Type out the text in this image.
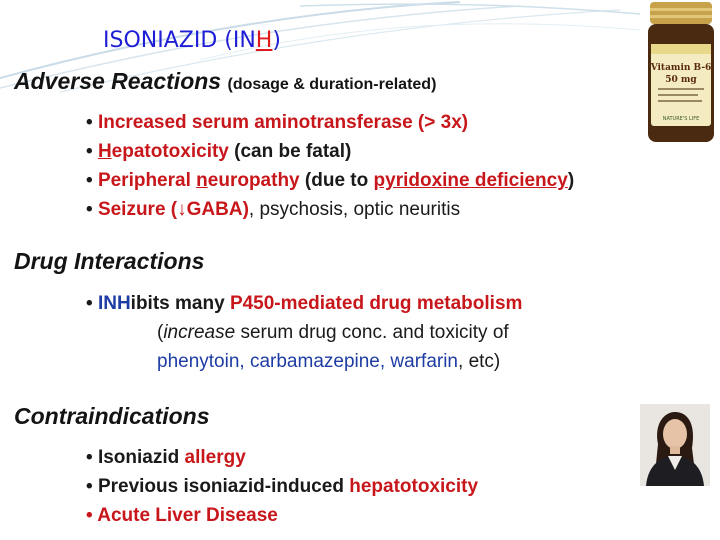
ISONIAZID (INH)
Adverse Reactions (dosage & duration-related)
• Increased serum aminotransferase (> 3x)
• Hepatotoxicity (can be fatal)
• Peripheral neuropathy (due to pyridoxine deficiency)
• Seizure (↓GABA), psychosis, optic neuritis
Drug Interactions
• INHibits many P450-mediated drug metabolism

(increase serum drug conc. and toxicity of

phenytoin, carbamazepine, warfarin, etc)

Contraindications
• Isoniazid allergy
• Previous isoniazid-induced hepatotoxicity
• Acute Liver Disease
Vitamin B-6
50 mg
NATURE'S LIFE
